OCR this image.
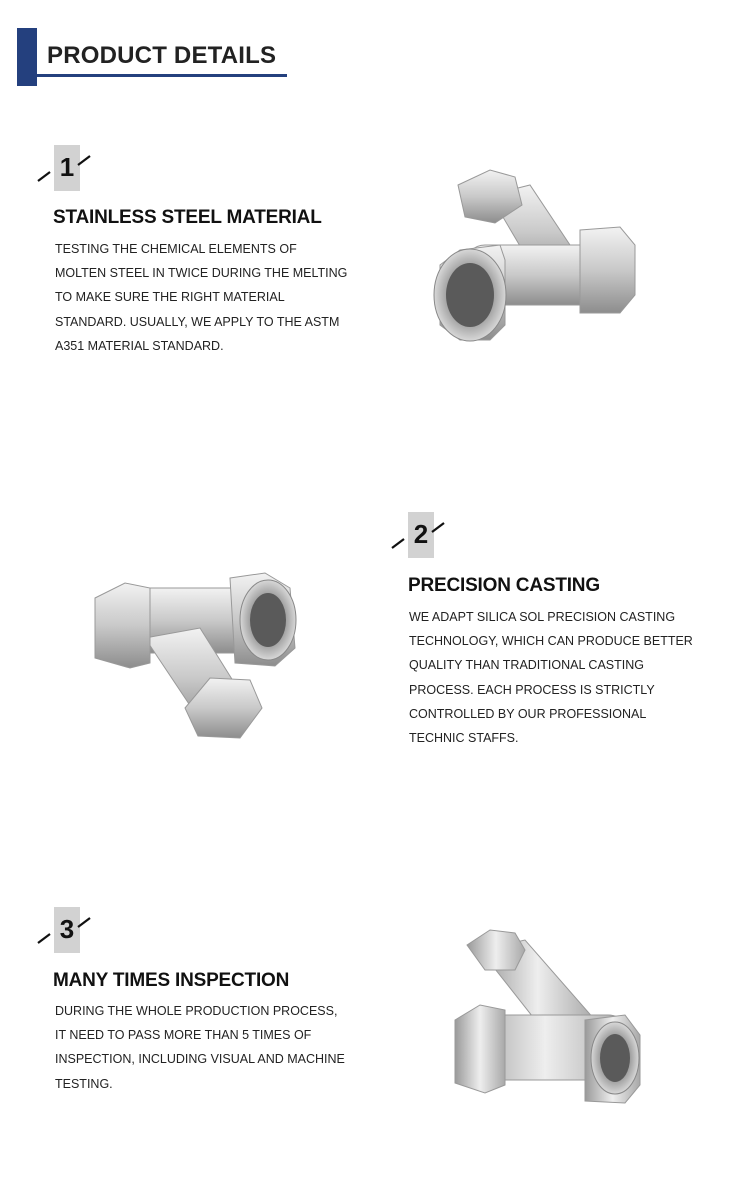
PRODUCT DETAILS
1
STAINLESS STEEL MATERIAL
TESTING THE CHEMICAL ELEMENTS OF
MOLTEN STEEL IN TWICE DURING THE MELTING
TO MAKE SURE THE RIGHT MATERIAL
STANDARD. USUALLY, WE APPLY TO THE ASTM
A351 MATERIAL STANDARD.
2
PRECISION CASTING
WE ADAPT SILICA SOL PRECISION CASTING
TECHNOLOGY, WHICH CAN PRODUCE BETTER
QUALITY THAN TRADITIONAL CASTING
PROCESS. EACH PROCESS IS STRICTLY
CONTROLLED BY OUR PROFESSIONAL
TECHNIC STAFFS.
3
MANY TIMES INSPECTION
DURING THE WHOLE PRODUCTION PROCESS,
IT NEED TO PASS MORE THAN 5 TIMES OF
INSPECTION, INCLUDING VISUAL AND MACHINE
TESTING.
